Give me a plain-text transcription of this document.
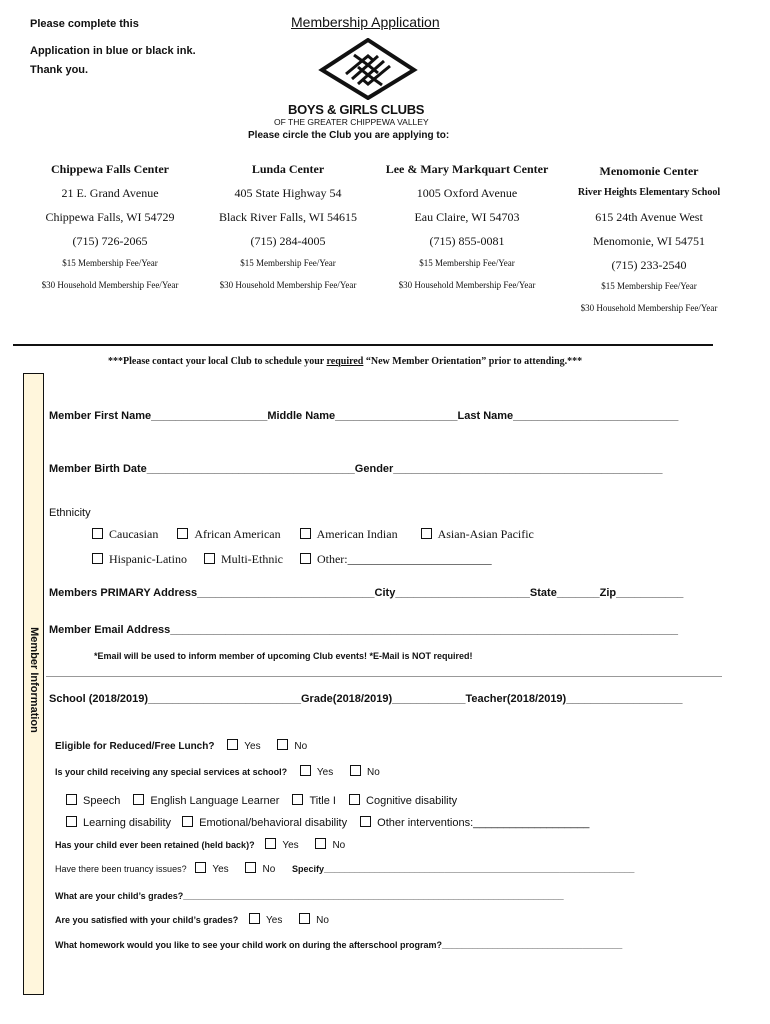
Please complete this
Application in blue or black ink.
Thank you.
Membership Application
BOYS & GIRLS CLUBS
OF THE GREATER CHIPPEWA VALLEY
Please circle the Club you are applying to:
Chippewa Falls Center
21 E. Grand Avenue
Chippewa Falls, WI 54729
(715) 726-2065
$15 Membership Fee/Year
$30 Household Membership Fee/Year
Lunda Center
405 State Highway 54
Black River Falls, WI 54615
(715) 284-4005
$15 Membership Fee/Year
$30 Household Membership Fee/Year
Lee & Mary Markquart Center
1005 Oxford Avenue
Eau Claire, WI 54703
(715) 855-0081
$15 Membership Fee/Year
$30 Household Membership Fee/Year
Menomonie Center
River Heights Elementary School
615 24th Avenue West
Menomonie, WI 54751
(715) 233-2540
$15 Membership Fee/Year
$30 Household Membership Fee/Year
***Please contact your local Club to schedule your required “New Member Orientation” prior to attending.***
Member Information
Member First Name___________________Middle Name____________________Last Name___________________________
Member Birth Date__________________________________Gender____________________________________________
Ethnicity
Caucasian	African American	American Indian	Asian-Asian Pacific
Hispanic-Latino	Multi-Ethnic	Other:________________________
Members PRIMARY Address_____________________________City______________________State_______Zip___________
Member Email Address___________________________________________________________________________________
*Email will be used to inform member of upcoming Club events! *E-Mail is NOT required!
School (2018/2019)_________________________Grade(2018/2019)____________Teacher(2018/2019)___________________
Eligible for Reduced/Free Lunch?	Yes	No
Is your child receiving any special services at school?	Yes	No
Speech	English Language Learner	Title I	Cognitive disability
Learning disability	Emotional/behavioral disability	Other interventions:___________________
Has your child ever been retained (held back)?	Yes	No
Have there been truancy issues?	Yes	No Specify______________________________________________________________
What are your child’s grades?____________________________________________________________________________
Are you satisfied with your child’s grades?	Yes	No
What homework would you like to see your child work on during the afterschool program?____________________________________
